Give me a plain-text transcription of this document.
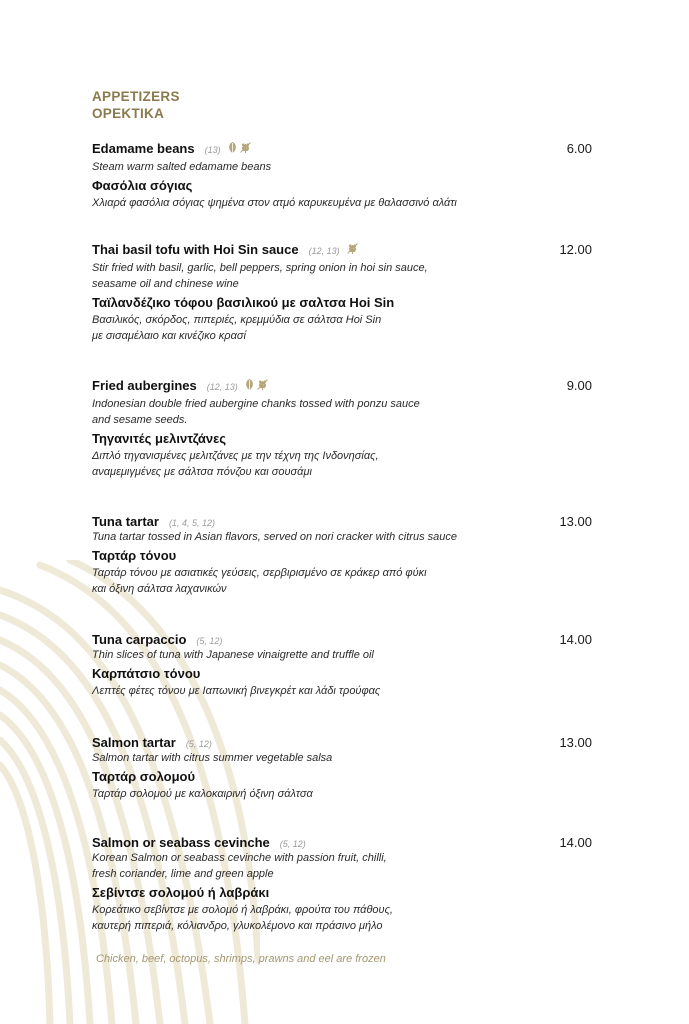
APPETIZERS
ΟΡΕΚΤΙΚΑ
Edamame beans (13)	6.00
Steam warm salted edamame beans
Φασόλια σόγιας
Χλιαρά φασόλια σόγιας ψημένα στον ατμό καρυκευμένα με θαλασσινό αλάτι
Thai basil tofu with Hoi Sin sauce (12, 13)	12.00
Stir fried with basil, garlic, bell peppers, spring onion in hoi sin sauce,
seasame oil and chinese wine
Ταϊλανδέζικο τόφου βασιλικού με σαλτσα Hoi Sin
Βασιλικός, σκόρδος, πιπεριές, κρεμμύδια σε σάλτσα Hoi Sin
με σισαμέλαιο και κινέζικο κρασί
Fried aubergines (12, 13)	9.00
Indonesian double fried aubergine chanks tossed with ponzu sauce
and sesame seeds.
Τηγανιτές μελιντζάνες
Διπλό τηγανισμένες μελιτζάνες με την τέχνη της Ινδονησίας,
αναμεμιγμένες με σάλτσα πόνζου και σουσάμι
Tuna tartar (1, 4, 5, 12)	13.00
Tuna tartar tossed in Asian flavors, served on nori cracker with citrus sauce
Ταρτάρ τόνου
Ταρτάρ τόνου με ασιατικές γεύσεις, σερβιρισμένο σε κράκερ από φύκι
και όξινη σάλτσα λαχανικών
Tuna carpaccio (5, 12)	14.00
Thin slices of tuna with Japanese vinaigrette and truffle oil
Καρπάτσιο τόνου
Λεπτές φέτες τόνου με Ιαπωνική βινεγκρέτ και λάδι τρούφας
Salmon tartar (5, 12)	13.00
Salmon tartar with citrus summer vegetable salsa
Ταρτάρ σολομού
Ταρτάρ σολομού με καλοκαιρινή όξινη σάλτσα
Salmon or seabass cevinche (5, 12)	14.00
Korean Salmon or seabass cevinche with passion fruit, chilli,
fresh coriander, lime and green apple
Σεβίντσε σολομού ή λαβράκι
Κορεάτικο σεβίντσε με σολομό ή λαβράκι, φρούτα του πάθους,
καυτερή πιπεριά, κόλιανδρο, γλυκολέμονο και πράσινο μήλο
Chicken, beef, octopus, shrimps, prawns and eel are frozen
